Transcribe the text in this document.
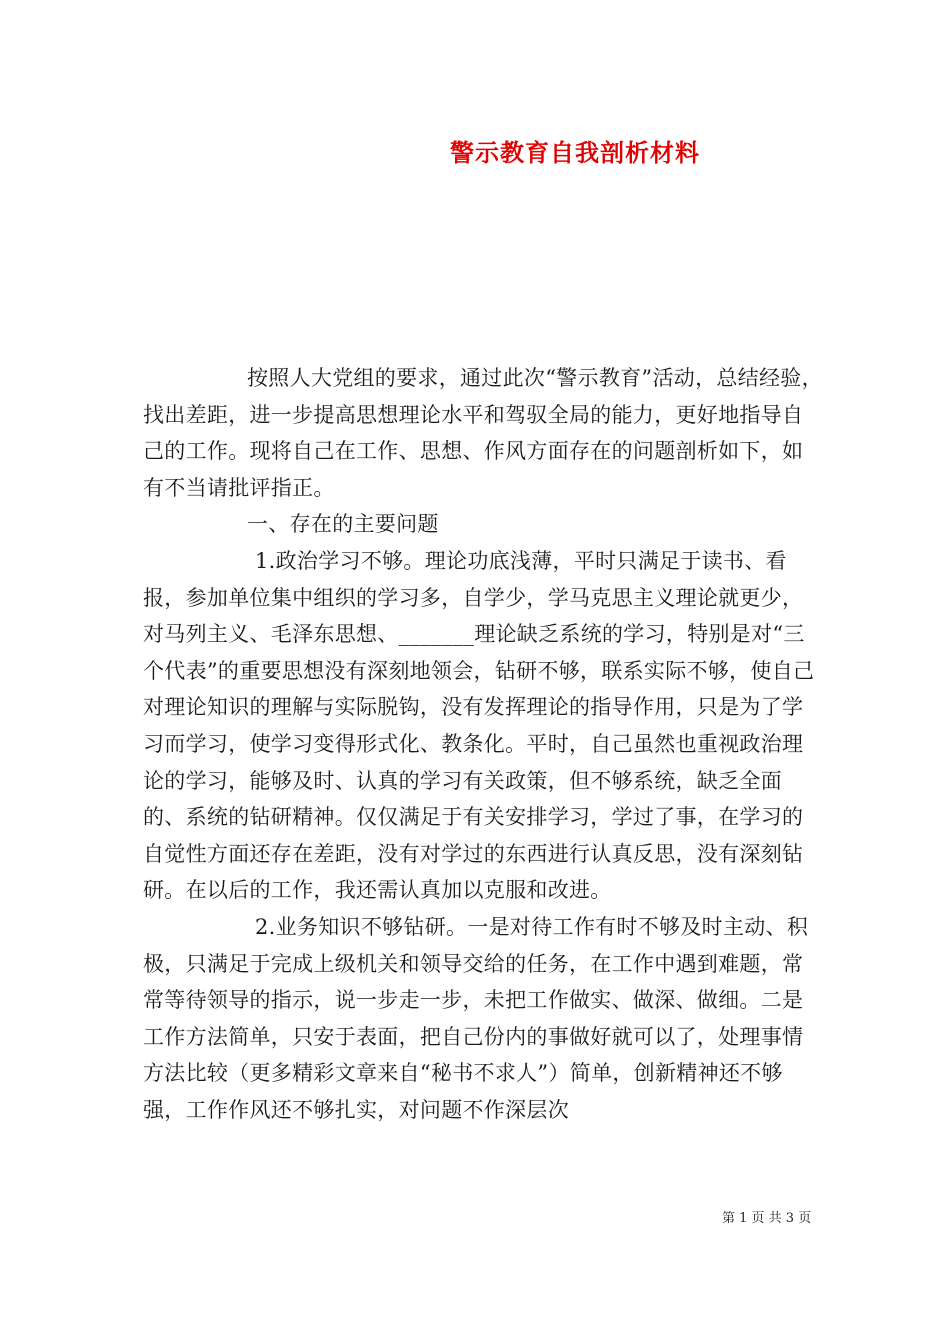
警示教育自我剖析材料

按照人大党组的要求，通过此次“警示教育”活动，总结经验，找出差距，进一步提高思想理论水平和驾驭全局的能力，更好地指导自己的工作。现将自己在工作、思想、作风方面存在的问题剖析如下，如有不当请批评指正。

一、存在的主要问题

1.政治学习不够。理论功底浅薄，平时只满足于读书、看报，参加单位集中组织的学习多，自学少，学马克思主义理论就更少，对马列主义、毛泽东思想、_______理论缺乏系统的学习，特别是对“三个代表”的重要思想没有深刻地领会，钻研不够，联系实际不够，使自己对理论知识的理解与实际脱钩，没有发挥理论的指导作用，只是为了学习而学习，使学习变得形式化、教条化。平时，自己虽然也重视政治理论的学习，能够及时、认真的学习有关政策，但不够系统，缺乏全面的、系统的钻研精神。仅仅满足于有关安排学习，学过了事，在学习的自觉性方面还存在差距，没有对学过的东西进行认真反思，没有深刻钻研。在以后的工作，我还需认真加以克服和改进。

2.业务知识不够钻研。一是对待工作有时不够及时主动、积极，只满足于完成上级机关和领导交给的任务，在工作中遇到难题，常常等待领导的指示，说一步走一步，未把工作做实、做深、做细。二是工作方法简单，只安于表面，把自己份内的事做好就可以了，处理事情方法比较（更多精彩文章来自“秘书不求人”）简单，创新精神还不够强，工作作风还不够扎实，对问题不作深层次

第 1 页 共 3 页
